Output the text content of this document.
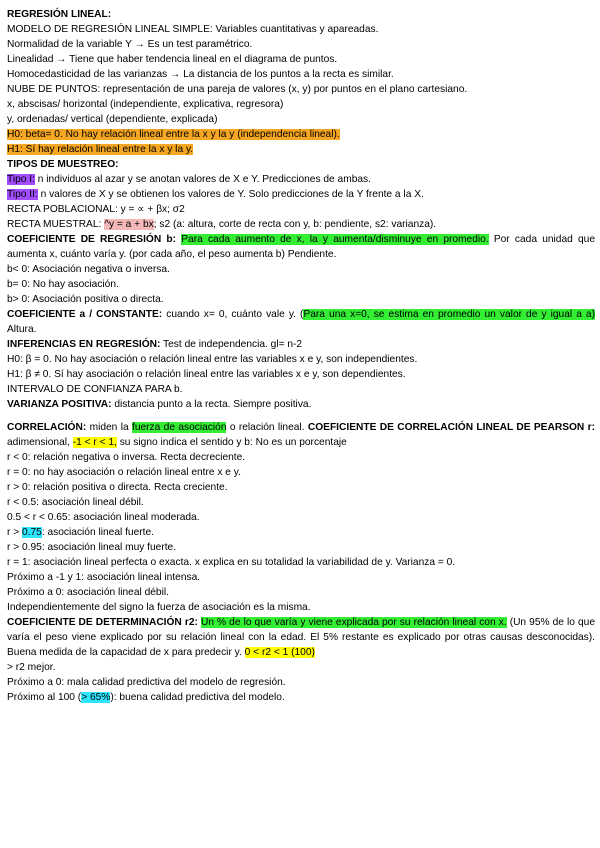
REGRESIÓN LINEAL:
MODELO DE REGRESIÓN LINEAL SIMPLE: Variables cuantitativas y apareadas.
Normalidad de la variable Y → Es un test paramétrico.
Linealidad → Tiene que haber tendencia lineal en el diagrama de puntos.
Homocedasticidad de las varianzas → La distancia de los puntos a la recta es similar.
NUBE DE PUNTOS: representación de una pareja de valores (x, y) por puntos en el plano cartesiano.
x, abscisas/ horizontal (independiente, explicativa, regresora)
y, ordenadas/ vertical (dependiente, explicada)
H0: beta= 0. No hay relación lineal entre la x y la y (independencia lineal).
H1: Sí hay relación lineal entre la x y la y.
TIPOS DE MUESTREO:
Tipo I: n individuos al azar y se anotan valores de X e Y. Predicciones de ambas.
Tipo II: n valores de X y se obtienen los valores de Y. Solo predicciones de la Y frente a la X.
RECTA POBLACIONAL: y = ∝ + βx; σ2
RECTA MUESTRAL: ^y = a + bx; s2 (a: altura, corte de recta con y, b: pendiente, s2: varianza).
COEFICIENTE DE REGRESIÓN b: Para cada aumento de x, la y aumenta/disminuye en promedio. Por cada unidad que aumenta x, cuánto varía y. (por cada año, el peso aumenta b) Pendiente.
b< 0: Asociación negativa o inversa.
b= 0: No hay asociación.
b> 0: Asociación positiva o directa.
COEFICIENTE a / CONSTANTE: cuando x= 0, cuánto vale y. (Para una x=0, se estima en promedio un valor de y igual a a) Altura.
INFERENCIAS EN REGRESIÓN: Test de independencia. gl= n-2
H0: β = 0. No hay asociación o relación lineal entre las variables x e y, son independientes.
H1: β ≠ 0. Sí hay asociación o relación lineal entre las variables x e y, son dependientes.
INTERVALO DE CONFIANZA PARA b.
VARIANZA POSITIVA: distancia punto a la recta. Siempre positiva.
CORRELACIÓN: miden la fuerza de asociación o relación lineal. COEFICIENTE DE CORRELACIÓN LINEAL DE PEARSON r: adimensional, -1 < r < 1, su signo indica el sentido y b: No es un porcentaje
r < 0: relación negativa o inversa. Recta decreciente.
r = 0: no hay asociación o relación lineal entre x e y.
r > 0: relación positiva o directa. Recta creciente.
r < 0.5: asociación lineal débil.
0.5 < r < 0.65: asociación lineal moderada.
r > 0.75: asociación lineal fuerte.
r > 0.95: asociación lineal muy fuerte.
r = 1: asociación lineal perfecta o exacta. x explica en su totalidad la variabilidad de y. Varianza = 0.
Próximo a -1 y 1: asociación lineal intensa.
Próximo a 0: asociación lineal débil.
Independientemente del signo la fuerza de asociación es la misma.
COEFICIENTE DE DETERMINACIÓN r2: Un % de lo que varía y viene explicada por su relación lineal con x. (Un 95% de lo que varía el peso viene explicado por su relación lineal con la edad. El 5% restante es explicado por otras causas desconocidas). Buena medida de la capacidad de x para predecir y. 0 < r2 < 1 (100)
> r2 mejor.
Próximo a 0: mala calidad predictiva del modelo de regresión.
Próximo al 100 (> 65%): buena calidad predictiva del modelo.
